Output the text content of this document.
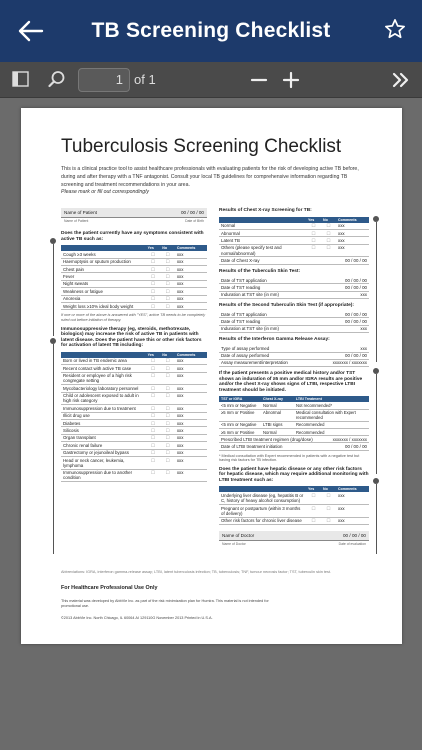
TB Screening Checklist
1 of 1
Tuberculosis Screening Checklist
This is a clinical practice tool to assist healthcare professionals with evaluating patients for the risk of developing active TB before, during and after therapy with a TNF antagonist. Consult your local TB guidelines for comprehensive information regarding TB screening and treatment recommendations in your area.
Please mark or fill out correspondingly
Name of Patient	00 / 00 / 00
Name of Patient	Date of Birth
Does the patient currently have any symptoms consistent with active TB such as:
Yes	No	Comments
Cough ≥3 weeks	☐	☐	xxx
Haemoptysis or sputum production	☐	☐	xxx
Chest pain	☐	☐	xxx
Fever	☐	☐	xxx
Night sweats	☐	☐	xxx
Weakness or fatigue	☐	☐	xxx
Anorexia	☐	☐	xxx
Weight loss ≥10% ideal body weight	☐	☐	xxx
If one or more of the above is answered with "YES", active TB needs to be completely ruled out before initiation of therapy.
Immunosuppressive therapy (eg, steroids, methotrexate, biologics) may increase the risk of active TB in patients with latent disease. Does the patient have this or other risk factors for activation of latent TB including:
Yes	No	Comments
Born or lived in TB endemic area	☐	☐	xxx
Recent contact with active TB case	☐	☐	xxx
Resident or employee of a high risk congregate setting
☐	☐	xxx
Mycobacteriology laboratory personnel	☐	☐	xxx
Child or adolescent exposed to adult in high risk category
☐	☐	xxx
Immunosuppression due to treatment	☐	☐	xxx
Illicit drug use	☐	☐	xxx
Diabetes	☐	☐	xxx
Silicosis	☐	☐	xxx
Organ transplant	☐	☐	xxx
Chronic renal failure	☐	☐	xxx
Gastrectomy or jejunoileal bypass	☐	☐	xxx
Head or neck cancer, leukemia, lymphoma
☐	☐	xxx
Immunosuppression due to another condition
☐	☐	xxx
Results of Chest X-ray Screening for TB:
Yes	No	Comments
Normal	☐	☐	xxx
Abnormal	☐	☐	xxx
Latent TB	☐	☐	xxx
Others (please specify test and normal/abnormal)
☐	☐	xxx
Date of Chest X-ray	00 / 00 / 00
Results of the Tuberculin Skin Test:
Date of TST application	00 / 00 / 00
Date of TST reading	00 / 00 / 00
Induration at TST site (in mm)	xxx
Results of the Second Tuberculin Skin Test (if appropriate):
Date of TST application	00 / 00 / 00
Date of TST reading	00 / 00 / 00
Induration at TST site (in mm)	xxx
Results of the Interferon Gamma Release Assay:
Type of assay performed	xxx
Date of assay performed	00 / 00 / 00
Assay measurement/interpretation	xxxxxxx / xxxxxxx
If the patient presents a positive medical history and/or TST shows an induration of ≥5 mm and/or IGRA results are positive and/or the chest X-ray shows signs of LTBI, respective LTBI treatment should be initiated.
TST or IGRA	Chest X-ray	LTBI Treatment
<5 mm or Negative	Normal	Not recommended*
≥5 mm or Positive	Abnormal	Medical consultation with Expert recommended
<5 mm or Negative	LTBI signs	Recommended
≥5 mm or Positive	Normal	Recommended
Prescribed LTBI treatment regimen (drug/dose)	xxxxxxx / xxxxxxx
Date of LTBI treatment initiation	00 / 00 / 00
* Medical consultation with Expert recommended in patients with a negative test but having risk factors for TB infection.
Does the patient have hepatic disease or any other risk factors for hepatic disease, which may require additional monitoring with LTBI treatment such as:
Yes	No	Comments
Underlying liver disease (eg, hepatitis B or C, history of heavy alcohol consumption)
☐	☐	xxx
Pregnant or postpartum (within 3 months of delivery)
☐	☐	xxx
Other risk factors for chronic liver disease	☐	☐	xxx
Name of Doctor	00 / 00 / 00
Name of Doctor	Date of evaluation
Abbreviations: IGRA, interferon gamma-release assay; LTBI, latent tuberculosis infection; TB, tuberculosis; TNF, tumour necrosis factor; TST, tuberculin skin test.
For Healthcare Professional Use Only
This material was developed by AbbVie Inc. as part of the risk minimization plan for Humira. This material is not intended for promotional use.
©2013 AbbVie Inc. North Chicago, IL 60064 AI 129110G November 2013 Printed in U.S.A.
